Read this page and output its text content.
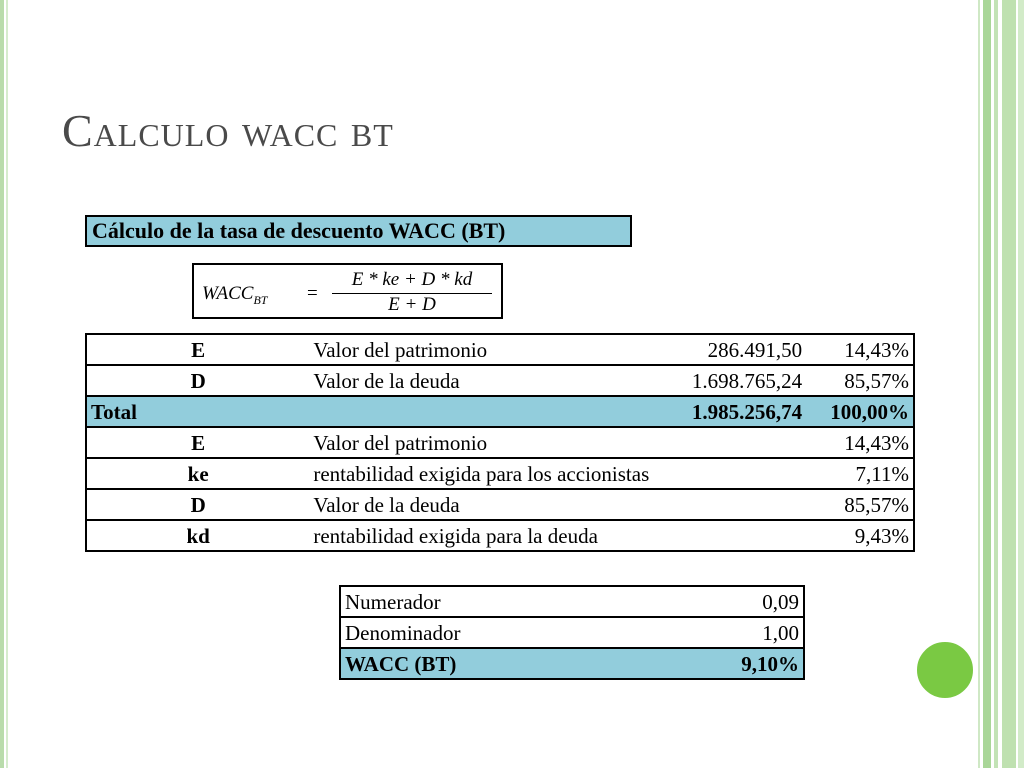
Calculo wacc bt
Cálculo de la tasa de descuento WACC (BT)
$WACC_{BT}$ =
E * ke + D * kd
E + D
E	Valor del patrimonio	286.491,50	14,43%
D	Valor de la deuda	1.698.765,24	85,57%
Total		1.985.256,74	100,00%
E	Valor del patrimonio		14,43%
ke	rentabilidad exigida para los accionistas		7,11%
D	Valor de la deuda		85,57%
kd	rentabilidad exigida para la deuda		9,43%
Numerador	0,09
Denominador	1,00
WACC (BT)	9,10%
